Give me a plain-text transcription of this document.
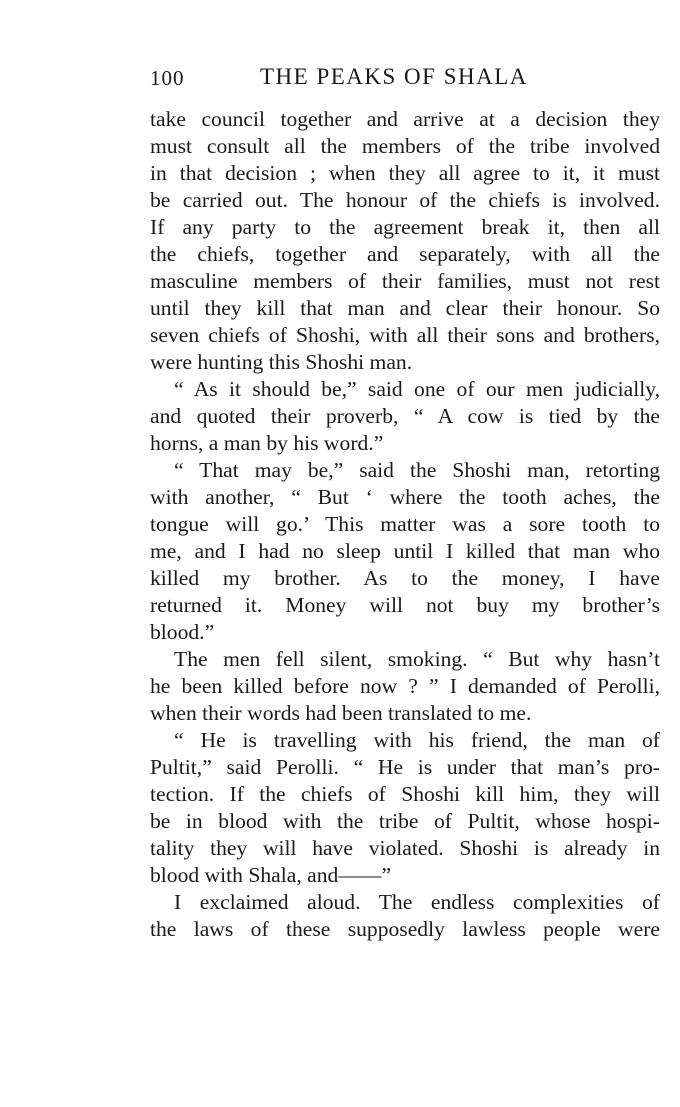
100	THE PEAKS OF SHALA
take council together and arrive at a decision they
must consult all the members of the tribe involved
in that decision ; when they all agree to it, it must
be carried out. The honour of the chiefs is involved.
If any party to the agreement break it, then all
the chiefs, together and separately, with all the
masculine members of their families, must not rest
until they kill that man and clear their honour. So
seven chiefs of Shoshi, with all their sons and brothers,
were hunting this Shoshi man.
“ As it should be,” said one of our men judicially,
and quoted their proverb, “ A cow is tied by the
horns, a man by his word.”
“ That may be,” said the Shoshi man, retorting
with another, “ But ‘ where the tooth aches, the
tongue will go.’ This matter was a sore tooth to
me, and I had no sleep until I killed that man who
killed my brother. As to the money, I have
returned it. Money will not buy my brother’s
blood.”
The men fell silent, smoking. “ But why hasn’t
he been killed before now ? ” I demanded of Perolli,
when their words had been translated to me.
“ He is travelling with his friend, the man of
Pultit,” said Perolli. “ He is under that man’s pro-
tection. If the chiefs of Shoshi kill him, they will
be in blood with the tribe of Pultit, whose hospi-
tality they will have violated. Shoshi is already in
blood with Shala, and——”
I exclaimed aloud. The endless complexities of
the laws of these supposedly lawless people were
